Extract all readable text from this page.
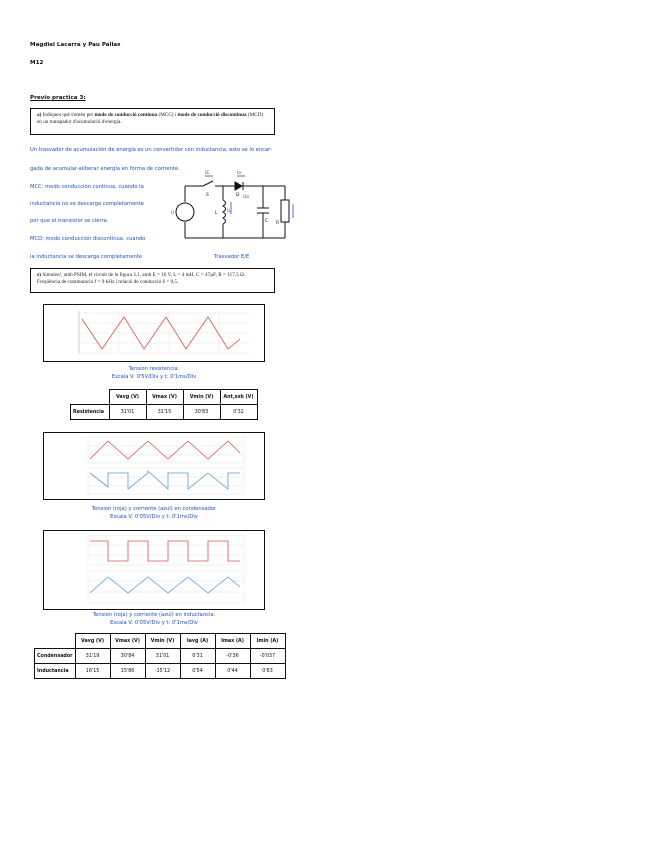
Magdiel Lacarra y Pau Pallas
M12
Previo practica 3:
a) Indiqueu què s'entén per mode de conducció continua (MCC) i mode de conducció discontinua (MCD) en un transpador d'acumulació d'energia.
Un trasvador de acumulación de energía es un convertidor con inductancia, esto se lo encar-
gada de acumular-aliberar energía en forma de corriente.
MCC: modo conducción continua, cuando la
inductancia no se descarga completamente
por que el transistor se cierra.
MCD: modo conducción discontinua, cuando
la inductancia se descarga completamente
IE	Io
S	D Uo
U	IL
L
C R
Trasvador E/E
e) Simuleu², amb PSIM, el circuit de la figura 3.1, amb E = 16 V, L = 4 mH, C = 47µF, R = 117,5 Ω. Freqüència de commutació f = 9 kHz i relació de conducció δ = 0,5.
Tension resistencia.
Escala V: 0'5V/Div y t: 0'1ms/Div
	Vavg (V)	Vmax (V)	Vmin (V)	Ant,ssb (V)
Resistencia	31'01	31'15	30'83	0'32
Tension (roja) y corriente (azul) en condensador
Escala V: 0'05V/Div y t: 0'1ms/Div
Tension (roja) y corriente (azul) en inductancia.
Escala V: 0'05V/Div y t: 0'1ms/Div
	Vavg (V)	Vmax (V)	Vmin (V)	Iavg (A)	Imax (A)	Imin (A)
Condensador	31'19	30'84	31'01	0'31	-0'36	-0'037
Inductancia	16'15	15'86	-15'12	0'54	0'44	0'63
